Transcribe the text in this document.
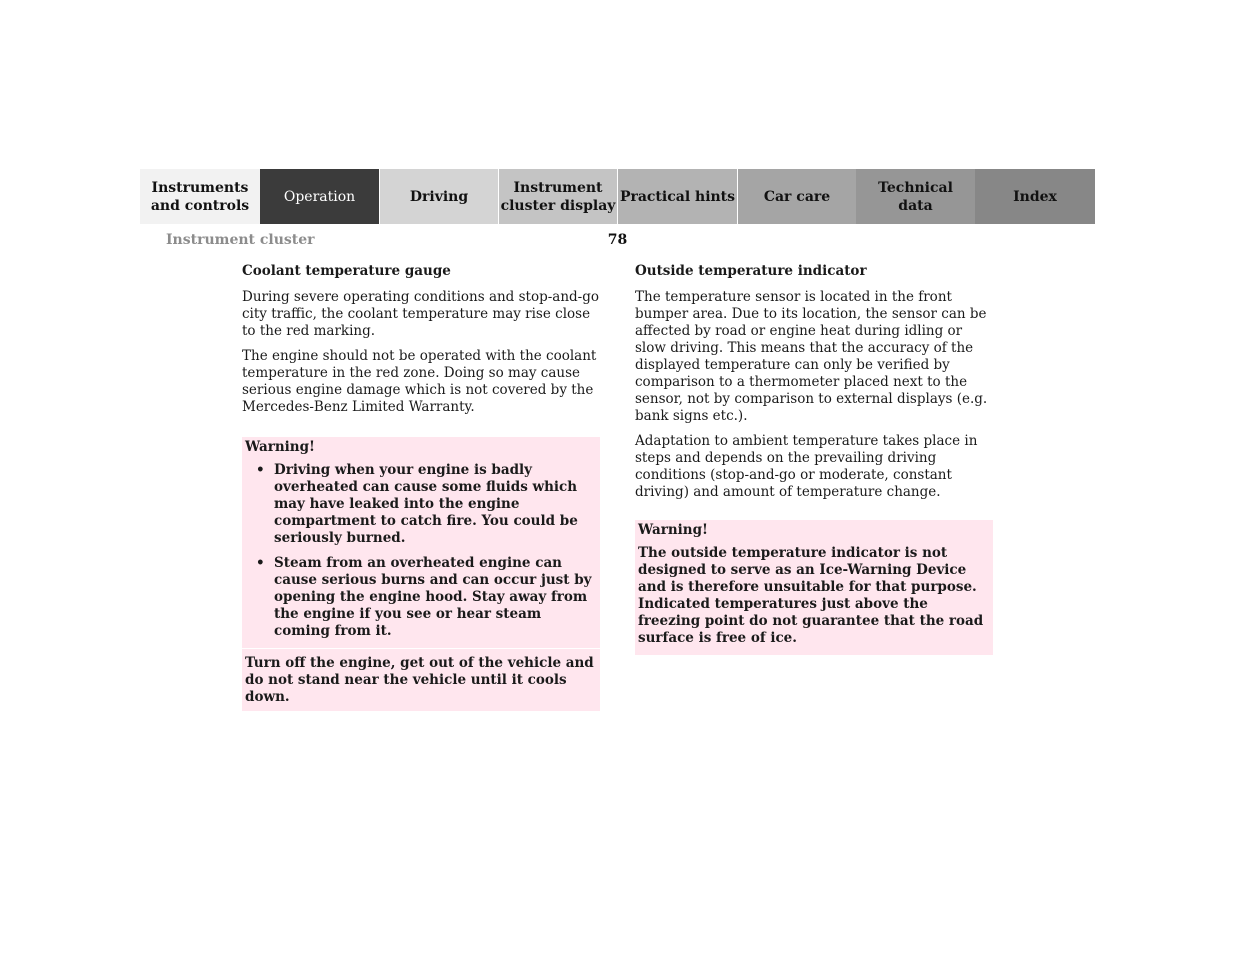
Instruments
and controls
Operation	Driving
Instrument
cluster display
Practical hints	Car care
Technical
data
Index
Instrument cluster	78
Coolant temperature gauge

During severe operating conditions and stop-and-go city traffic, the coolant temperature may rise close to the red marking.

The engine should not be operated with the coolant temperature in the red zone. Doing so may cause serious engine damage which is not covered by the Mercedes-Benz Limited Warranty.

Warning!
• Driving when your engine is badly overheated can cause some fluids which may have leaked into the engine compartment to catch fire. You could be seriously burned.
• Steam from an overheated engine can cause serious burns and can occur just by opening the engine hood. Stay away from the engine if you see or hear steam coming from it.
Turn off the engine, get out of the vehicle and do not stand near the vehicle until it cools down.
Outside temperature indicator

The temperature sensor is located in the front bumper area. Due to its location, the sensor can be affected by road or engine heat during idling or slow driving. This means that the accuracy of the displayed temperature can only be verified by comparison to a thermometer placed next to the sensor, not by comparison to external displays (e.g. bank signs etc.).

Adaptation to ambient temperature takes place in steps and depends on the prevailing driving conditions (stop-and-go or moderate, constant driving) and amount of temperature change.

Warning!
The outside temperature indicator is not designed to serve as an Ice-Warning Device and is therefore unsuitable for that purpose. Indicated temperatures just above the freezing point do not guarantee that the road surface is free of ice.
